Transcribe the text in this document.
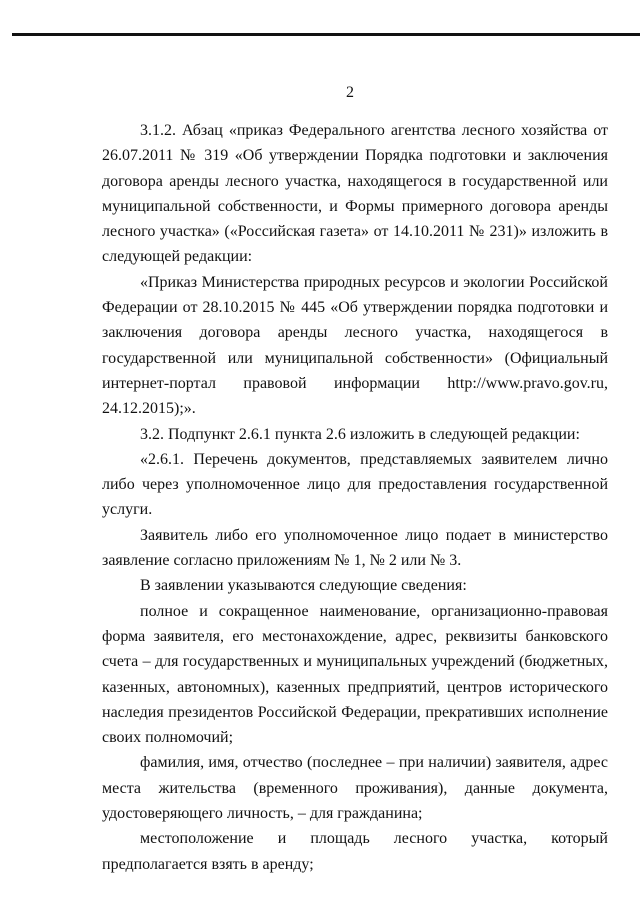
2

3.1.2. Абзац «приказ Федерального агентства лесного хозяйства от 26.07.2011 № 319 «Об утверждении Порядка подготовки и заключения договора аренды лесного участка, находящегося в государственной или муниципальной собственности, и Формы примерного договора аренды лесного участка» («Российская газета» от 14.10.2011 № 231)» изложить в следующей редакции:

«Приказ Министерства природных ресурсов и экологии Российской Федерации от 28.10.2015 № 445 «Об утверждении порядка подготовки и заключения договора аренды лесного участка, находящегося в государственной или муниципальной собственности» (Официальный интернет-портал правовой информации http://www.pravo.gov.ru, 24.12.2015);».

3.2. Подпункт 2.6.1 пункта 2.6 изложить в следующей редакции:

«2.6.1. Перечень документов, представляемых заявителем лично либо через уполномоченное лицо для предоставления государственной услуги.

Заявитель либо его уполномоченное лицо подает в министерство заявление согласно приложениям № 1, № 2 или № 3.

В заявлении указываются следующие сведения:

полное и сокращенное наименование, организационно-правовая форма заявителя, его местонахождение, адрес, реквизиты банковского счета – для государственных и муниципальных учреждений (бюджетных, казенных, автономных), казенных предприятий, центров исторического наследия президентов Российской Федерации, прекративших исполнение своих полномочий;

фамилия, имя, отчество (последнее – при наличии) заявителя, адрес места жительства (временного проживания), данные документа, удостоверяющего личность, – для гражданина;

местоположение и площадь лесного участка, который предполагается взять в аренду;
